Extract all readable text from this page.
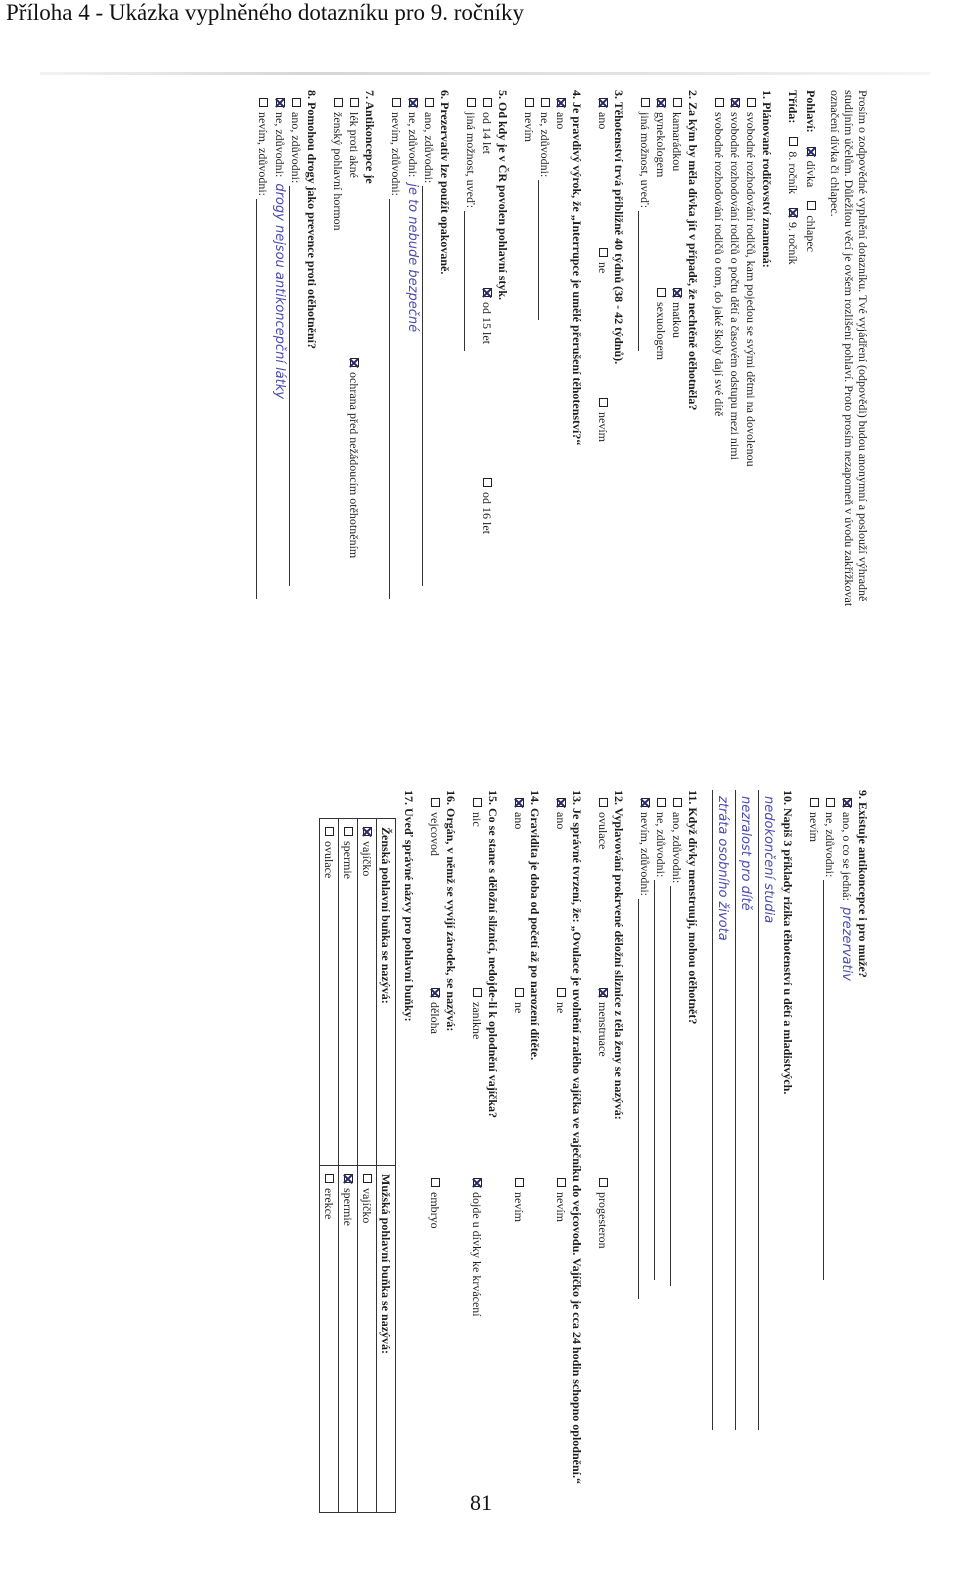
Příloha 4 - Ukázka vyplněného dotazníku pro 9. ročníky
Prosím o zodpovědné vyplnění dotazníku. Tvé vyjádření (odpovědi) budou anonymní a poslouží výhradně studijním účelům. Důležitou věcí je ovšem rozlišení pohlaví. Proto prosím nezapomeň v úvodu zakřížkovat označení dívka či chlapec.
Pohlaví:
dívka
chlapec
Třída:
8. ročník
9. ročník
1. Plánované rodičovství znamená:
svobodné rozhodování rodičů, kam pojedou se svými dětmi na dovolenou
svobodné rozhodování rodičů o počtu dětí a časovém odstupu mezi nimi
svobodné rozhodování rodičů o tom, do jaké školy dají své dítě
2. Za kým by měla dívka jít v případě, že nechtěně otěhotněla?
kamarádkou
matkou
gynekologem
sexuologem
jiná možnost, uveď:
3. Těhotenství trvá přibližně 40 týdnů (38 - 42 týdnů).
ano
ne
nevím
4. Je pravdivý výrok, že „Interrupce je umělé přerušení těhotenství?“
ano
ne, zdůvodni:
nevím
5. Od kdy je v ČR povolen pohlavní styk.
od 14 let
od 15 let
od 16 let
jiná možnost, uveď:
6. Prezervativ lze použít opakovaně.
ano, zdůvodni:
ne, zdůvodni:je to nebude bezpečné
nevím, zdůvodni:
7. Antikoncepce je
lék proti akné
ochrana před nežádoucím otěhotněním
ženský pohlavní hormon
8. Pomohou drogy jako prevence proti otěhotnění?
ano, zdůvodni:
ne, zdůvodni:drogy nejsou antikoncepční látky
nevím, zdůvodni:
9. Existuje antikoncepce i pro muže?
ano, o co se jedná:prezervativ
ne, zdůvodni:
nevím
10. Napiš 3 příklady rizika těhotenství u dětí a mladistvých.
nedokončení studia
nezralost pro dítě
ztráta osobního života
11. Když dívky menstruují, mohou otěhotnět?
ano, zdůvodni:
ne, zdůvodni:
nevím, zdůvodni:
12. Vyplavování prokrvené děložní sliznice z těla ženy se nazývá:
ovulace
menstruace
progesteron
13. Je správné tvrzení, že: „Ovulace je uvolnění zralého vajíčka ve vaječníku do vejcovodu. Vajíčko je cca 24 hodin schopno oplodnění.“
ano
ne
nevím
14. Gravidita je doba od početí až po narození dítěte.
ano
ne
nevím
15. Co se stane s děložní sliznicí, nedojde-li k oplodnění vajíčka?
nic
zanikne
dojde u dívky ke krvácení
16. Orgán, v němž se vyvíjí zárodek, se nazývá:
vejcovod
děloha
embryo
17. Uveď správné názvy pro pohlavní buňky:
Ženská pohlavní buňka se nazývá:	Mužská pohlavní buňka se nazývá:
vajíčko	vajíčko
spermie	spermie
ovulace	erekce
81
